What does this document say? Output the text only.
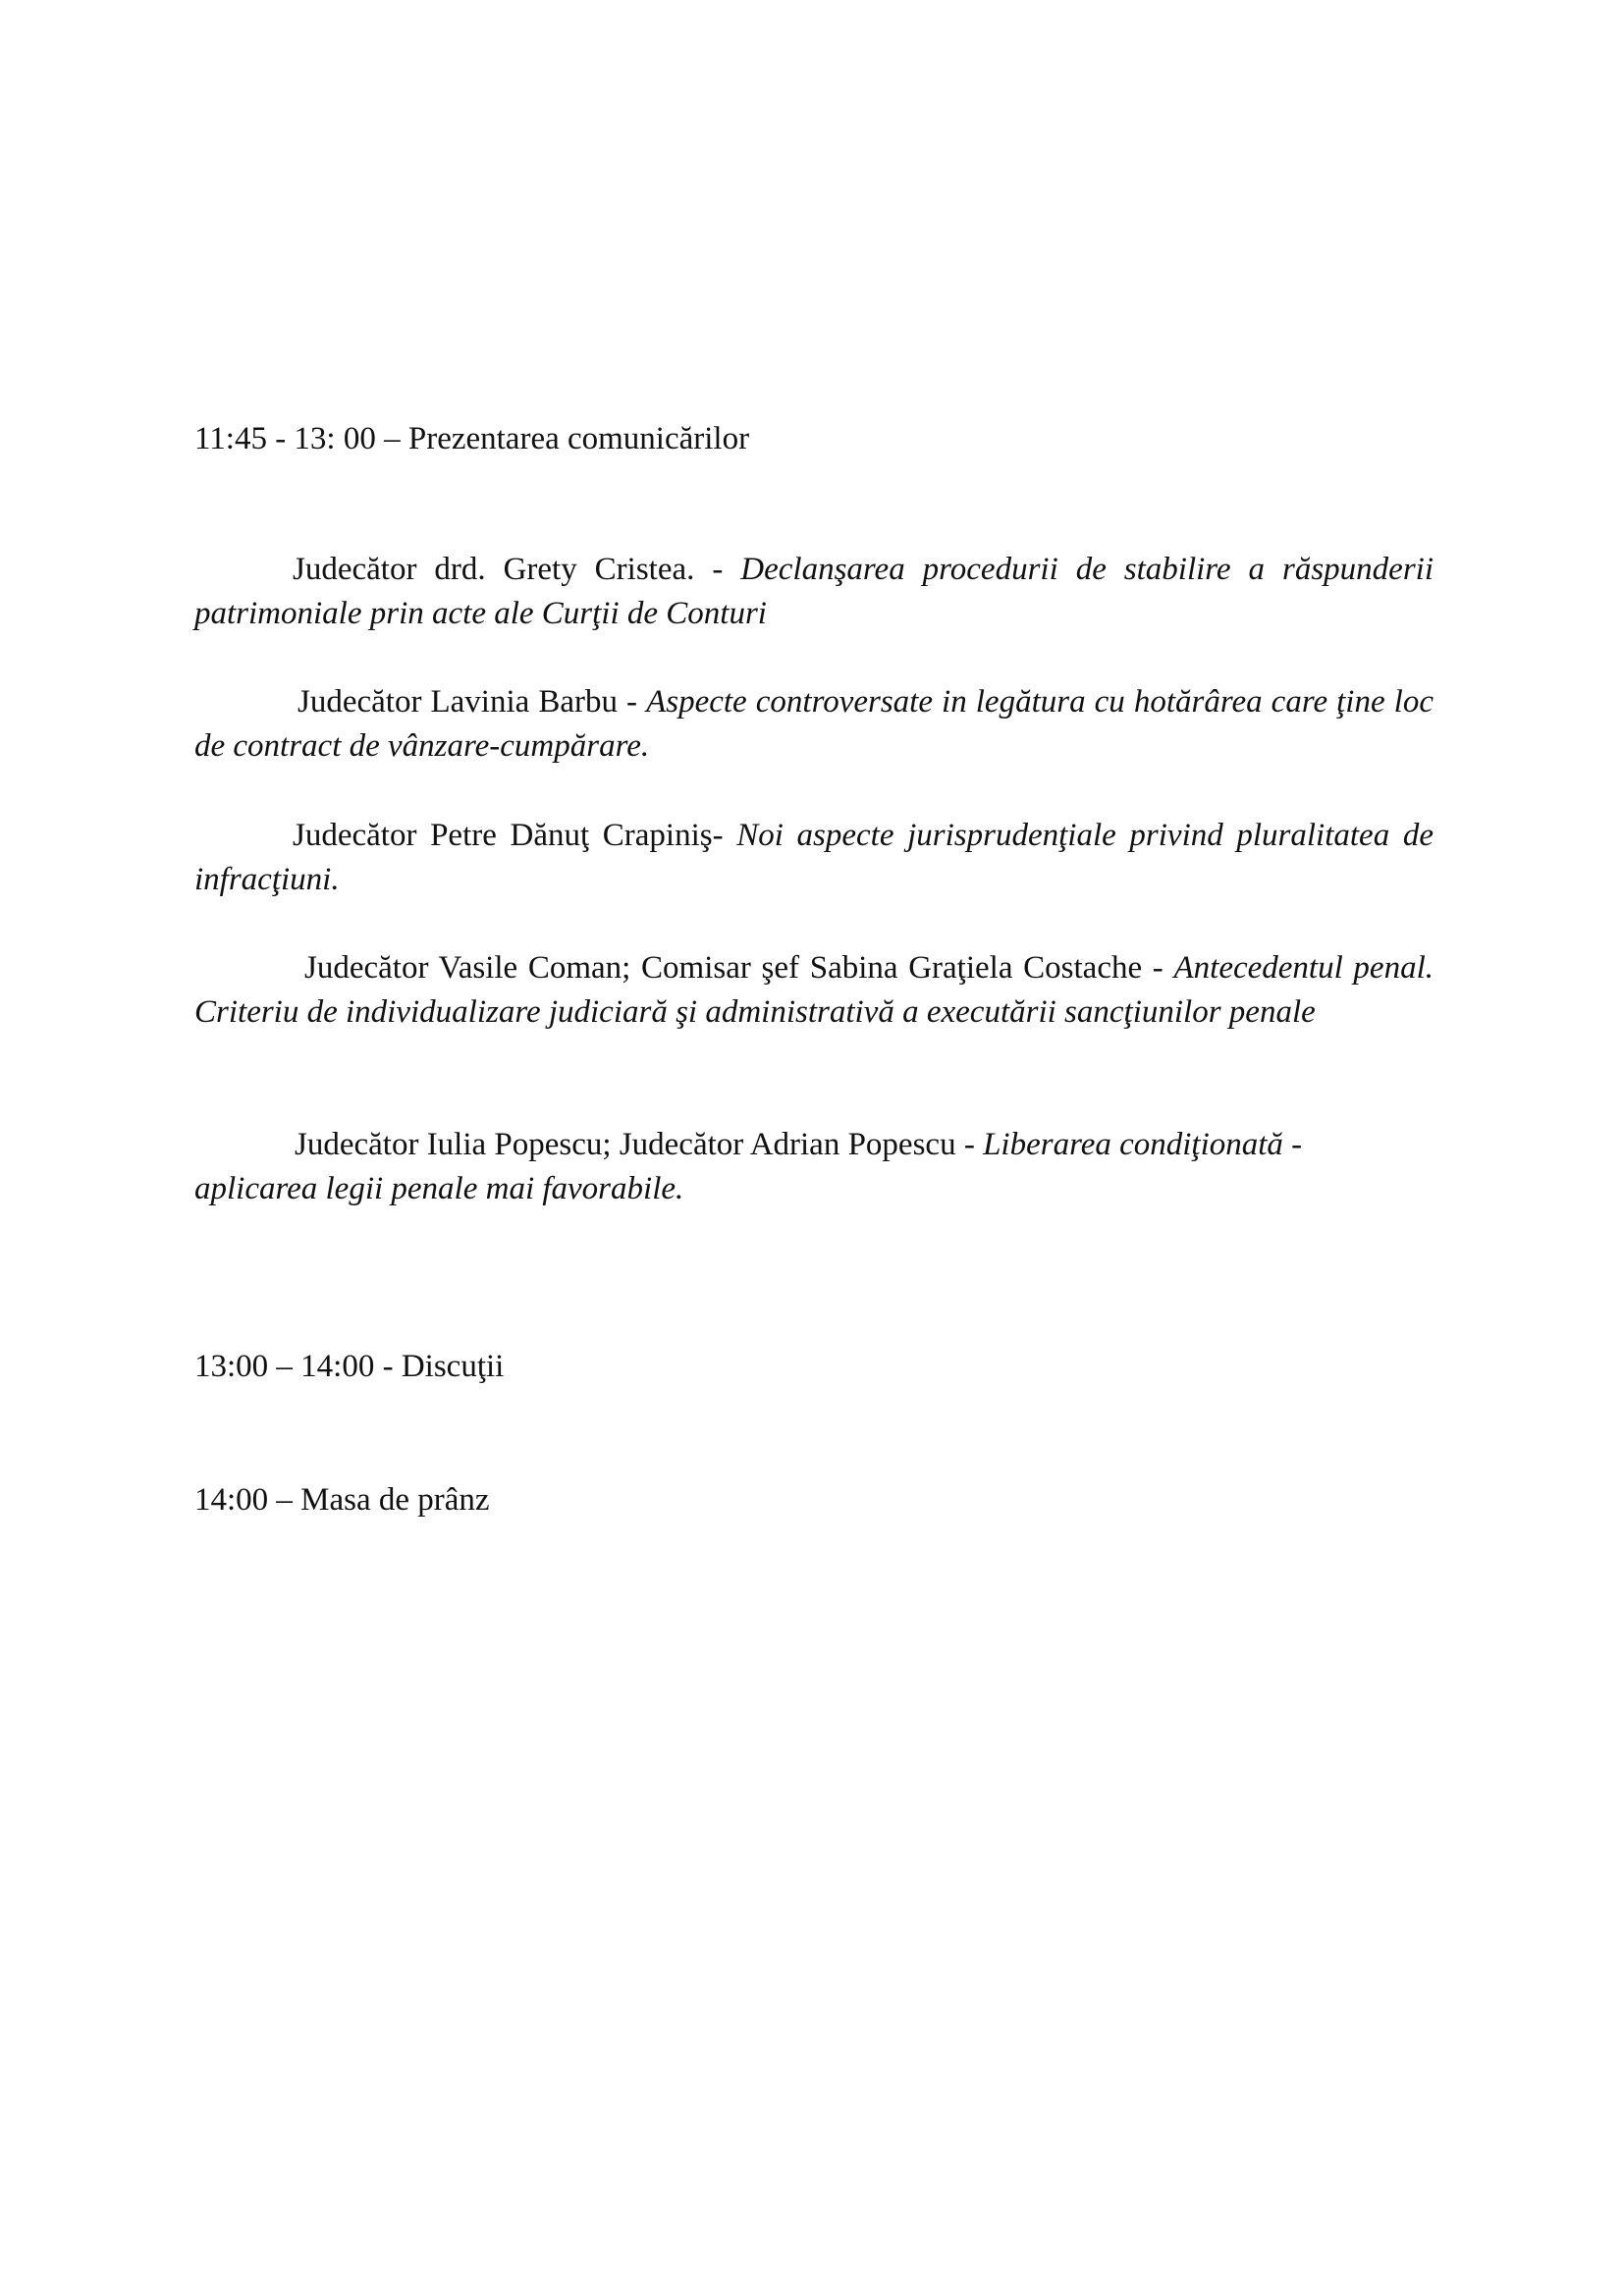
11:45 - 13: 00 – Prezentarea comunicărilor
Judecător drd. Grety Cristea. - Declanşarea procedurii de stabilire a răspunderii patrimoniale prin acte ale Curţii de Conturi
Judecător Lavinia Barbu - Aspecte controversate in legătura cu hotărârea care ţine loc de contract de vânzare-cumpărare.
Judecător Petre Dănuţ Crapiniş- Noi aspecte jurisprudenţiale privind pluralitatea de infracţiuni.
Judecător Vasile Coman; Comisar şef Sabina Graţiela Costache - Antecedentul penal. Criteriu de individualizare judiciară şi administrativă a executării sancţiunilor penale
Judecător Iulia Popescu; Judecător Adrian Popescu - Liberarea condiţionată - aplicarea legii penale mai favorabile.
13:00 – 14:00 - Discuţii
14:00 – Masa de prânz
